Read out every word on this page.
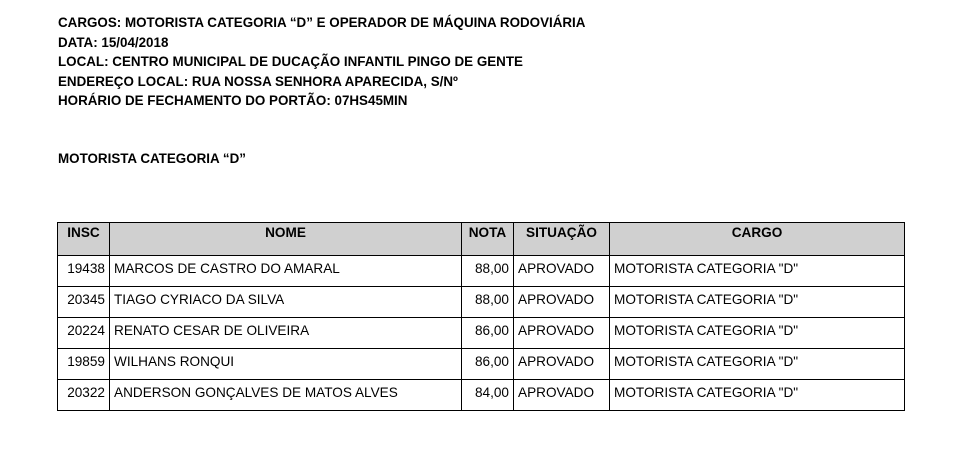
CARGOS: MOTORISTA CATEGORIA “D” E OPERADOR DE MÁQUINA RODOVIÁRIA
DATA: 15/04/2018
LOCAL: CENTRO MUNICIPAL DE DUCAÇÃO INFANTIL PINGO DE GENTE
ENDEREÇO LOCAL: RUA NOSSA SENHORA APARECIDA, S/Nº
HORÁRIO DE FECHAMENTO DO PORTÃO: 07HS45MIN
MOTORISTA CATEGORIA “D”
INSC	NOME	NOTA	SITUAÇÃO	CARGO
19438	MARCOS DE CASTRO DO AMARAL	88,00	APROVADO	MOTORISTA CATEGORIA "D"
20345	TIAGO CYRIACO DA SILVA	88,00	APROVADO	MOTORISTA CATEGORIA "D"
20224	RENATO CESAR DE OLIVEIRA	86,00	APROVADO	MOTORISTA CATEGORIA "D"
19859	WILHANS RONQUI	86,00	APROVADO	MOTORISTA CATEGORIA "D"
20322	ANDERSON GONÇALVES DE MATOS ALVES	84,00	APROVADO	MOTORISTA CATEGORIA "D"
